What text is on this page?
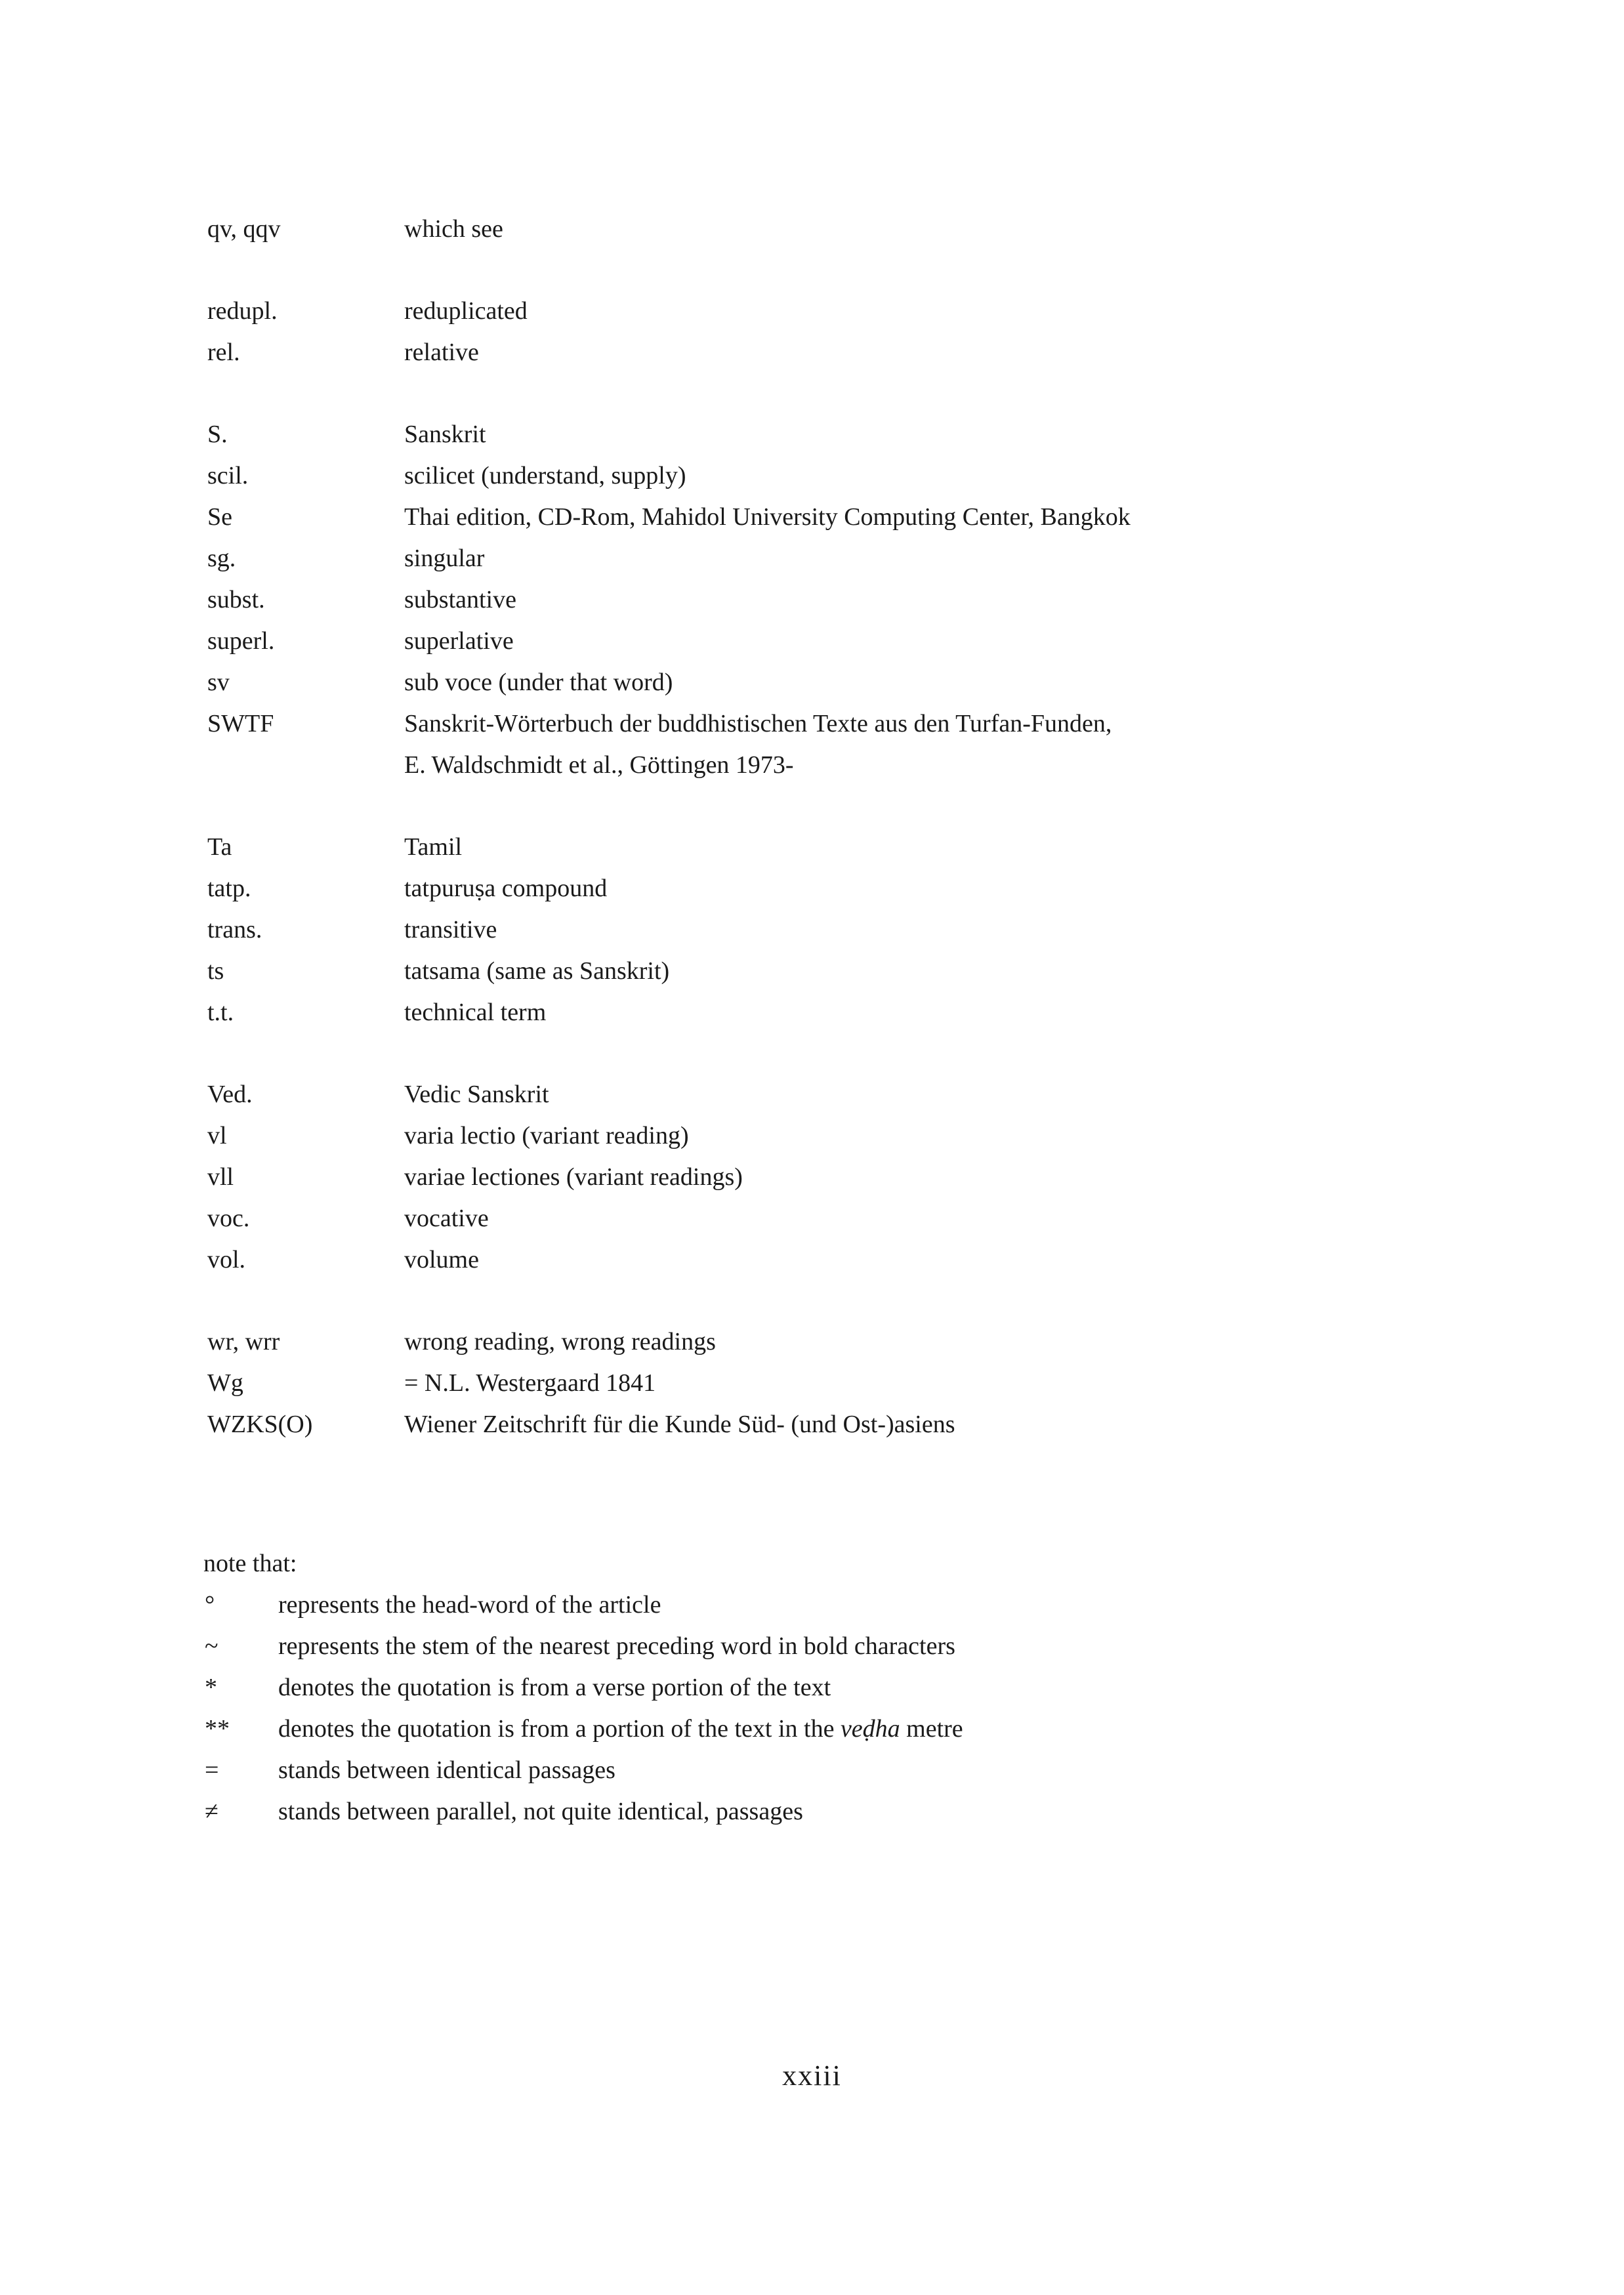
qv, qqv	which see
redupl.	reduplicated
rel.	relative
S.	Sanskrit
scil.	scilicet (understand, supply)
Se	Thai edition, CD-Rom, Mahidol University Computing Center, Bangkok
sg.	singular
subst.	substantive
superl.	superlative
sv	sub voce (under that word)
SWTF	Sanskrit-Wörterbuch der buddhistischen Texte aus den Turfan-Funden,
E. Waldschmidt et al., Göttingen 1973-
Ta	Tamil
tatp.	tatpuruṣa compound
trans.	transitive
ts	tatsama (same as Sanskrit)
t.t.	technical term
Ved.	Vedic Sanskrit
vl	varia lectio (variant reading)
vll	variae lectiones (variant readings)
voc.	vocative
vol.	volume
wr, wrr	wrong reading, wrong readings
Wg	= N.L. Westergaard 1841
WZKS(O)	Wiener Zeitschrift für die Kunde Süd- (und Ost-)asiens
note that:
°	represents the head-word of the article
~	represents the stem of the nearest preceding word in bold characters
*	denotes the quotation is from a verse portion of the text
**	denotes the quotation is from a portion of the text in the veḍha metre
=	stands between identical passages
≠	stands between parallel, not quite identical, passages
xxiii
